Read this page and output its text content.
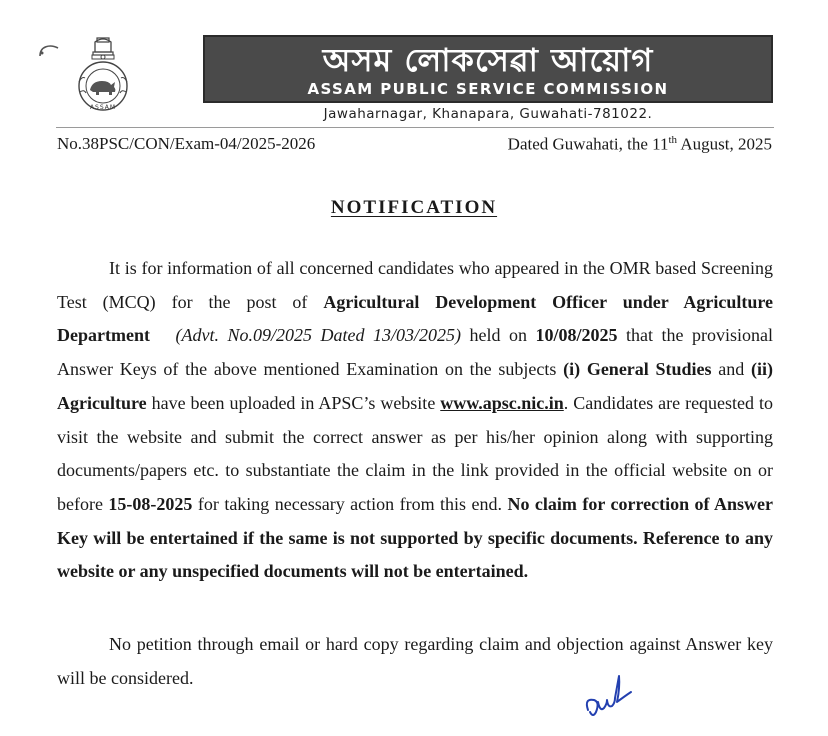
ASSAM
অসম লোকসেৱা আয়োগ
ASSAM PUBLIC SERVICE COMMISSION
Jawaharnagar, Khanapara, Guwahati-781022.
No.38PSC/CON/Exam-04/2025-2026	Dated Guwahati, the 11th August, 2025
NOTIFICATION

It is for information of all concerned candidates who appeared in the OMR based Screening Test (MCQ) for the post of Agricultural Development Officer under Agriculture Department (Advt. No.09/2025 Dated 13/03/2025) held on 10/08/2025 that the provisional Answer Keys of the above mentioned Examination on the subjects (i) General Studies and (ii) Agriculture have been uploaded in APSC’s website www.apsc.nic.in. Candidates are requested to visit the website and submit the correct answer as per his/her opinion along with supporting documents/papers etc. to substantiate the claim in the link provided in the official website on or before 15-08-2025 for taking necessary action from this end. No claim for correction of Answer Key will be entertained if the same is not supported by specific documents. Reference to any website or any unspecified documents will not be entertained.

No petition through email or hard copy regarding claim and objection against Answer key will be considered.
